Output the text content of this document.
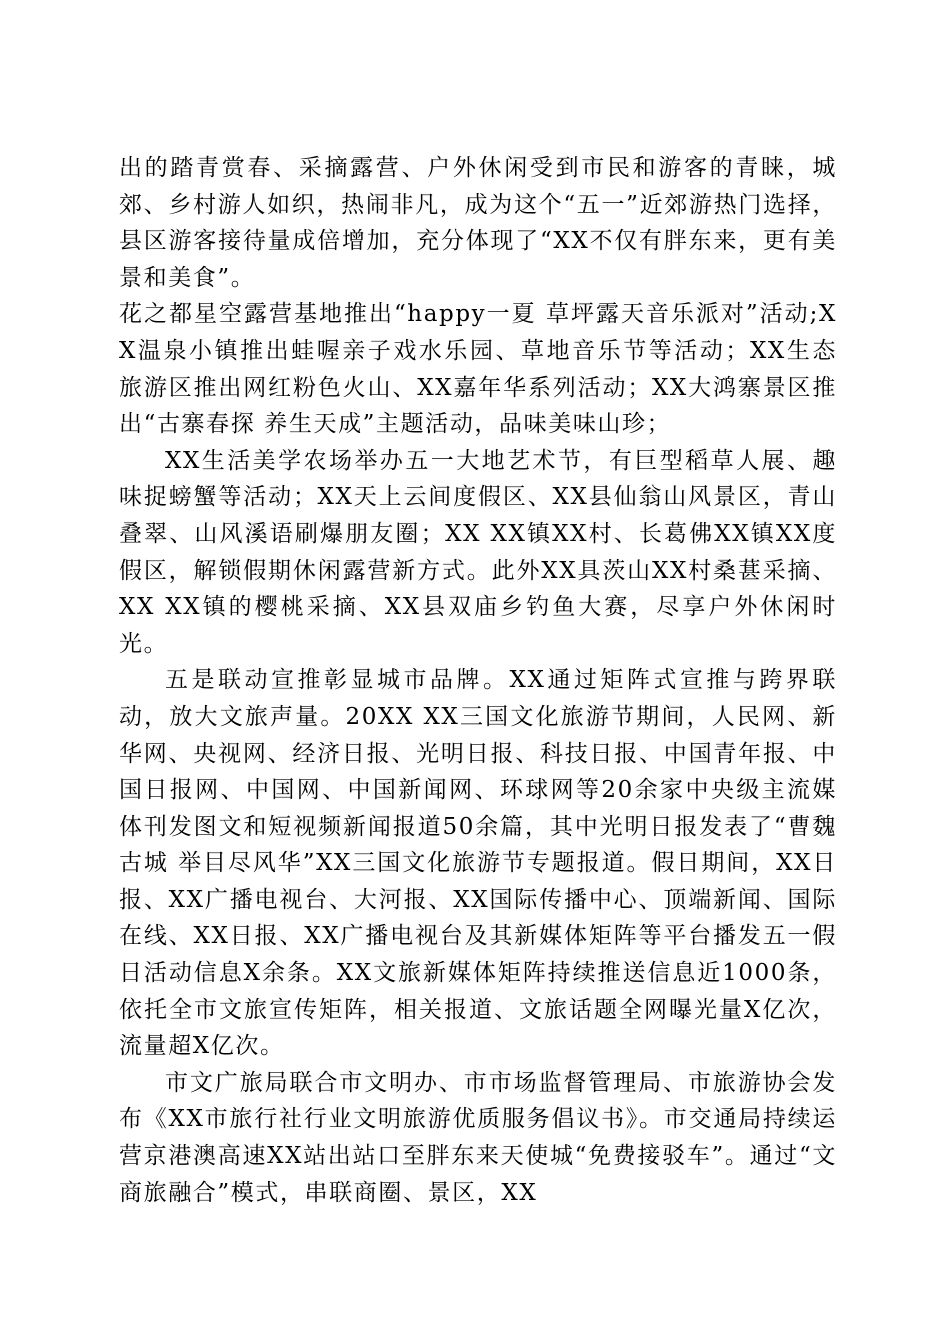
出的踏青赏春、采摘露营、户外休闲受到市民和游客的青睐，城郊、乡村游人如织，热闹非凡，成为这个“五一”近郊游热门选择，县区游客接待量成倍增加，充分体现了“XX不仅有胖东来，更有美景和美食”。

花之都星空露营基地推出“happy一夏 草坪露天音乐派对”活动;XX温泉小镇推出蛙喔亲子戏水乐园、草地音乐节等活动；XX生态旅游区推出网红粉色火山、XX嘉年华系列活动；XX大鸿寨景区推出“古寨春探 养生天成”主题活动，品味美味山珍；

XX生活美学农场举办五一大地艺术节，有巨型稻草人展、趣味捉螃蟹等活动；XX天上云间度假区、XX县仙翁山风景区，青山叠翠、山风溪语刷爆朋友圈；XX XX镇XX村、长葛佛XX镇XX度假区，解锁假期休闲露营新方式。此外XX具茨山XX村桑葚采摘、XX XX镇的樱桃采摘、XX县双庙乡钓鱼大赛，尽享户外休闲时光。

五是联动宣推彰显城市品牌。XX通过矩阵式宣推与跨界联动，放大文旅声量。20XX XX三国文化旅游节期间，人民网、新华网、央视网、经济日报、光明日报、科技日报、中国青年报、中国日报网、中国网、中国新闻网、环球网等20余家中央级主流媒体刊发图文和短视频新闻报道50余篇，其中光明日报发表了“曹魏古城 举目尽风华”XX三国文化旅游节专题报道。假日期间，XX日报、XX广播电视台、大河报、XX国际传播中心、顶端新闻、国际在线、XX日报、XX广播电视台及其新媒体矩阵等平台播发五一假日活动信息X余条。XX文旅新媒体矩阵持续推送信息近1000条，依托全市文旅宣传矩阵，相关报道、文旅话题全网曝光量X亿次，流量超X亿次。

市文广旅局联合市文明办、市市场监督管理局、市旅游协会发布《XX市旅行社行业文明旅游优质服务倡议书》。市交通局持续运营京港澳高速XX站出站口至胖东来天使城“免费接驳车”。通过“文商旅融合”模式，串联商圈、景区，XX
